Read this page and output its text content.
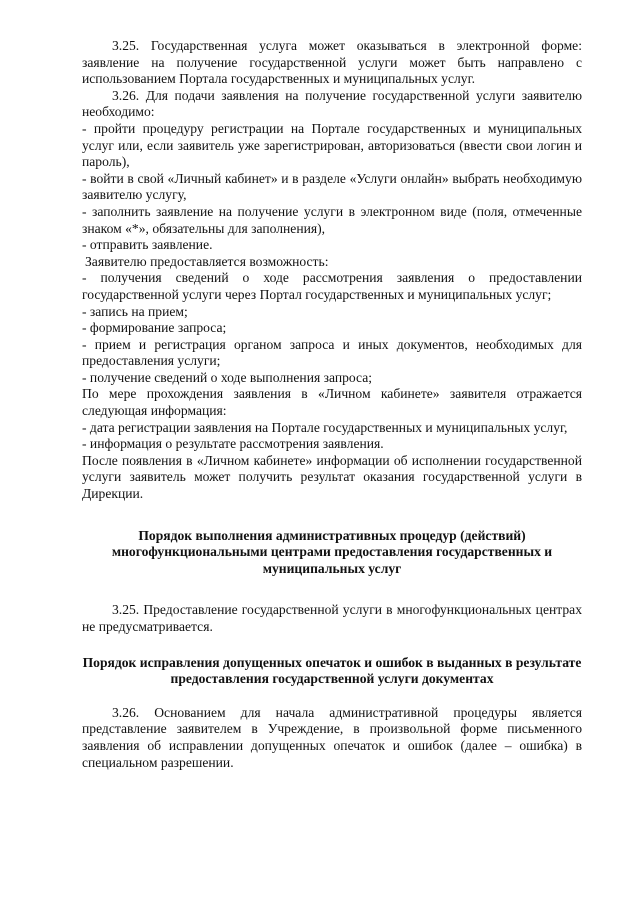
3.25. Государственная услуга может оказываться в электронной форме: заявление на получение государственной услуги может быть направлено с использованием Портала государственных и муниципальных услуг.

3.26. Для подачи заявления на получение государственной услуги заявителю необходимо:

- пройти процедуру регистрации на Портале государственных и муниципальных услуг или, если заявитель уже зарегистрирован, авторизоваться (ввести свои логин и пароль),

- войти в свой «Личный кабинет» и в разделе «Услуги онлайн» выбрать необходимую заявителю услугу,

- заполнить заявление на получение услуги в электронном виде (поля, отмеченные знаком «*», обязательны для заполнения),

- отправить заявление.

Заявителю предоставляется возможность:

- получения сведений о ходе рассмотрения заявления о предоставлении государственной услуги через Портал государственных и муниципальных услуг;

- запись на прием;

- формирование запроса;

- прием и регистрация органом запроса и иных документов, необходимых для предоставления услуги;

- получение сведений о ходе выполнения запроса;

По мере прохождения заявления в «Личном кабинете» заявителя отражается следующая информация:

- дата регистрации заявления на Портале государственных и муниципальных услуг,

- информация о результате рассмотрения заявления.

После появления в «Личном кабинете» информации об исполнении государственной услуги заявитель может получить результат оказания государственной услуги в Дирекции.

Порядок выполнения административных процедур (действий) многофункциональными центрами предоставления государственных и муниципальных услуг

3.25. Предоставление государственной услуги в многофункциональных центрах не предусматривается.

Порядок исправления допущенных опечаток и ошибок в выданных в результате предоставления государственной услуги документах

3.26. Основанием для начала административной процедуры является представление заявителем в Учреждение, в произвольной форме письменного заявления об исправлении допущенных опечаток и ошибок (далее – ошибка) в специальном разрешении.
